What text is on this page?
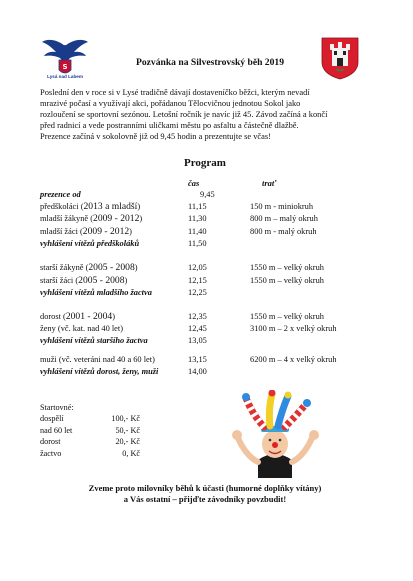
S
Lysá nad Labem
Pozvánka na Silvestrovský běh 2019
Poslední den v roce si v Lysé tradičně dávají dostaveníčko běžci, kterým nevadí
mrazivé počasí a využívají akci, pořádanou Tělocvičnou jednotou Sokol jako
rozloučení se sportovní sezónou. Letošní ročník je navíc již 45. Závod začíná a končí
před radnicí a vede postranními uličkami městu po asfaltu a částečně dlažbě.
Prezence začíná v sokolovně již od 9,45 hodin a prezentujte se včas!
Program
čas	trať
prezence od	9,45
předškoláci (2013 a mladší)	11,15	150 m - miniokruh
mladší žákyně (2009 - 2012)	11,30	800 m – malý okruh
mladší žáci (2009 - 2012)	11,40	800 m - malý okruh
vyhlášení vítězů předškoláků	11,50
starší žákyně (2005 - 2008)	12,05	1550 m – velký okruh
starší žáci (2005 - 2008)	12,15	1550 m – velký okruh
vyhlášení vítězů mladšího žactva	12,25
dorost (2001 - 2004)	12,35	1550 m – velký okruh
ženy (vč. kat. nad 40 let)	12,45	3100 m – 2 x velký okruh
vyhlášení vítězů staršího žactva	13,05
muži (vč. veteráni nad 40 a 60 let)	13,15	6200 m – 4 x velký okruh
vyhlášení vítězů dorost, ženy, muži	14,00
Startovné:
dospělí	100,- Kč
nad 60 let	50,- Kč
dorost	20,- Kč
žactvo	0, Kč
Zveme proto milovníky běhů k účasti (humorné doplňky vítány)
a Vás ostatní – přijďte závodníky povzbudit!
